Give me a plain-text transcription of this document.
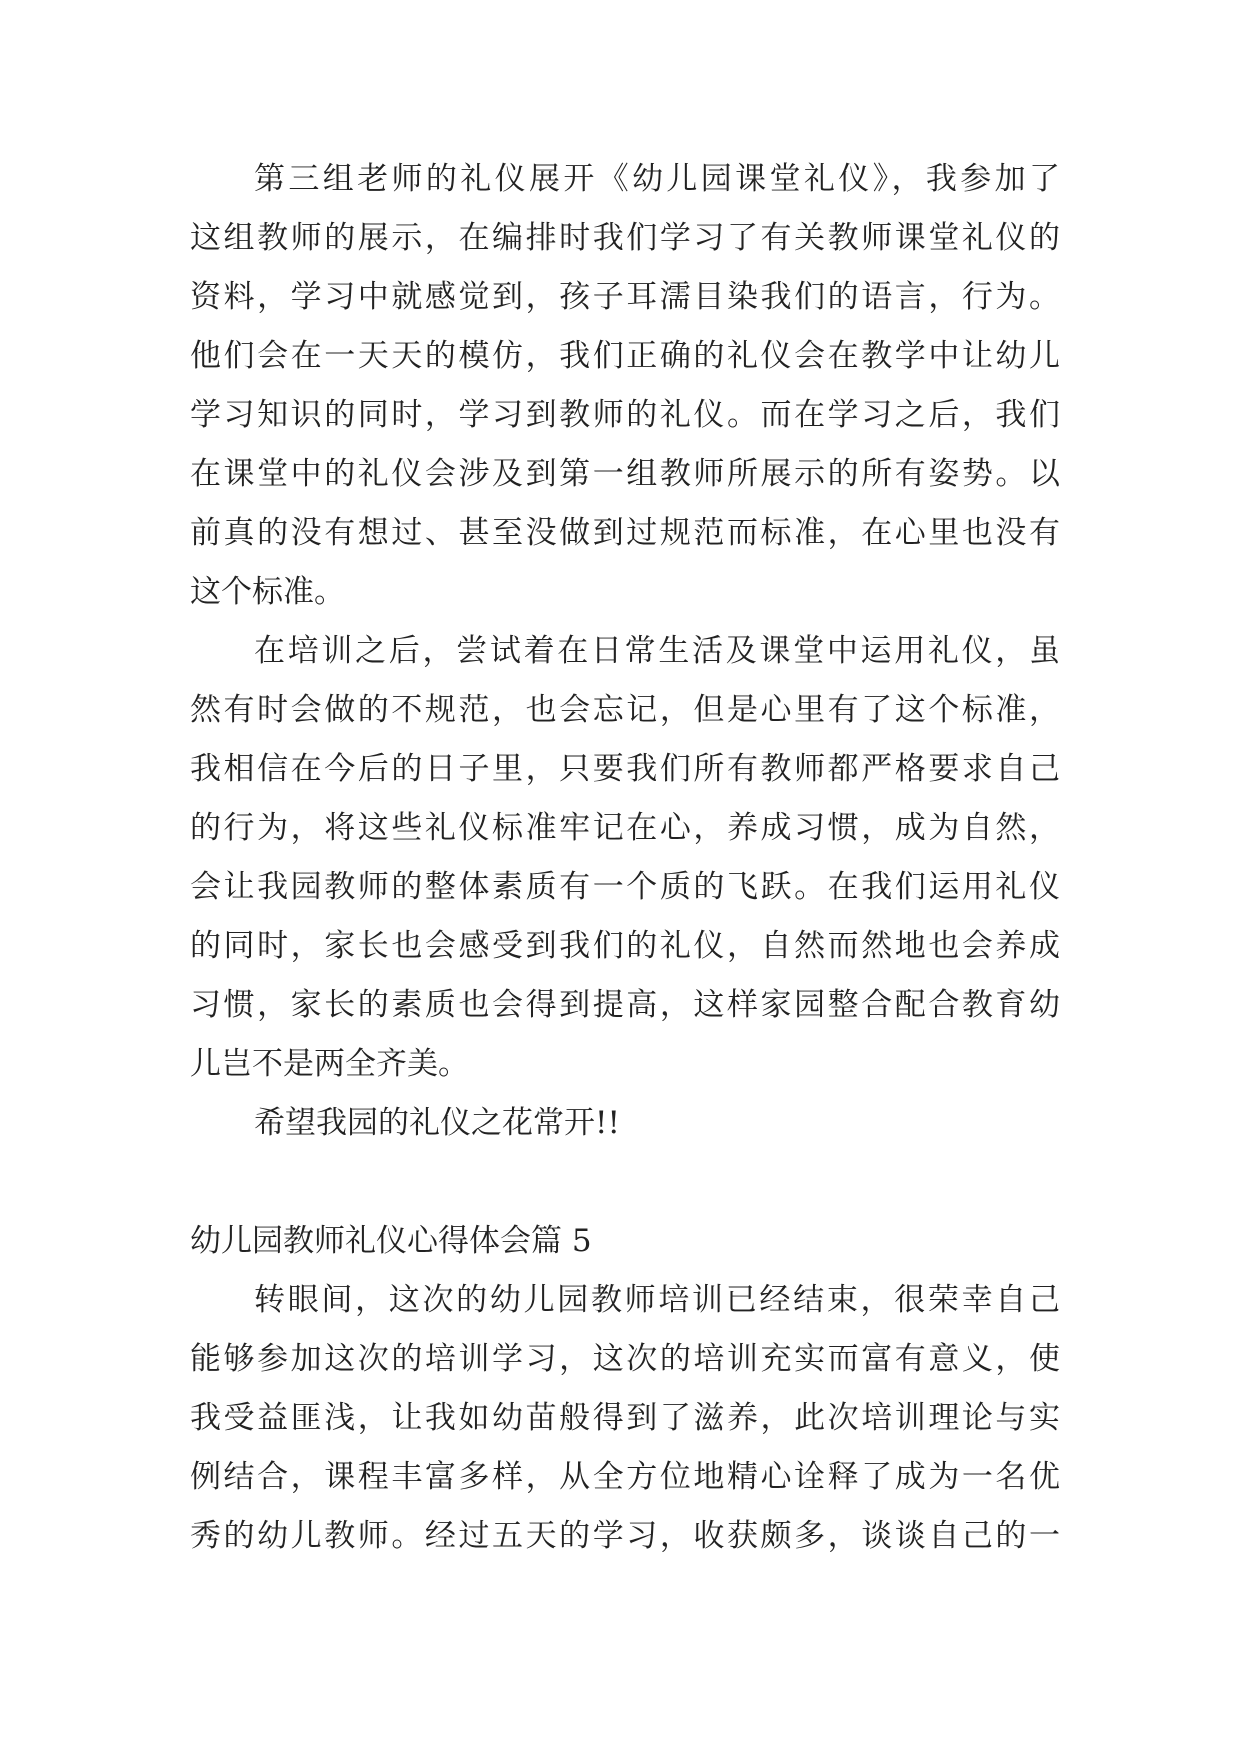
第三组老师的礼仪展开《幼儿园课堂礼仪》，我参加了
这组教师的展示，在编排时我们学习了有关教师课堂礼仪的
资料，学习中就感觉到，孩子耳濡目染我们的语言，行为。
他们会在一天天的模仿，我们正确的礼仪会在教学中让幼儿
学习知识的同时，学习到教师的礼仪。而在学习之后，我们
在课堂中的礼仪会涉及到第一组教师所展示的所有姿势。以
前真的没有想过、甚至没做到过规范而标准，在心里也没有
这个标准。
在培训之后，尝试着在日常生活及课堂中运用礼仪，虽
然有时会做的不规范，也会忘记，但是心里有了这个标准，
我相信在今后的日子里，只要我们所有教师都严格要求自己
的行为，将这些礼仪标准牢记在心，养成习惯，成为自然，
会让我园教师的整体素质有一个质的飞跃。在我们运用礼仪
的同时，家长也会感受到我们的礼仪，自然而然地也会养成
习惯，家长的素质也会得到提高，这样家园整合配合教育幼
儿岂不是两全齐美。
希望我园的礼仪之花常开!!
幼儿园教师礼仪心得体会篇 5
转眼间，这次的幼儿园教师培训已经结束，很荣幸自己
能够参加这次的培训学习，这次的培训充实而富有意义，使
我受益匪浅，让我如幼苗般得到了滋养，此次培训理论与实
例结合，课程丰富多样，从全方位地精心诠释了成为一名优
秀的幼儿教师。经过五天的学习，收获颇多，谈谈自己的一
